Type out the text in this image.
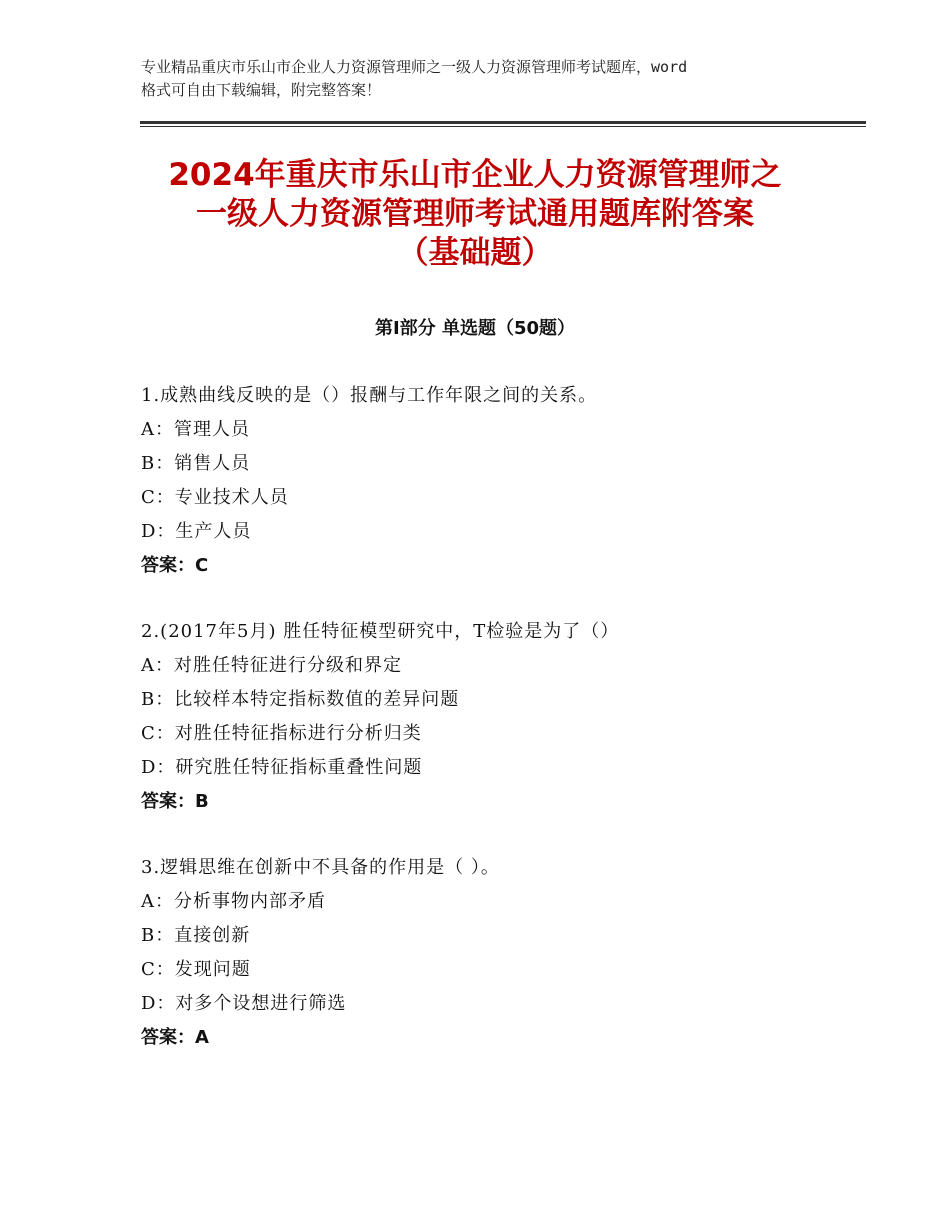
专业精品重庆市乐山市企业人力资源管理师之一级人力资源管理师考试题库，word
格式可自由下载编辑，附完整答案！
2024年重庆市乐山市企业人力资源管理师之
一级人力资源管理师考试通用题库附答案
（基础题）
第Ⅰ部分 单选题（50题）
1.成熟曲线反映的是（）报酬与工作年限之间的关系。
A：管理人员
B：销售人员
C：专业技术人员
D：生产人员
答案：C
2.(2017年5月) 胜任特征模型研究中，T检验是为了（）
A：对胜任特征进行分级和界定
B：比较样本特定指标数值的差异问题
C：对胜任特征指标进行分析归类
D：研究胜任特征指标重叠性问题
答案：B
3.逻辑思维在创新中不具备的作用是（ ）。
A：分析事物内部矛盾
B：直接创新
C：发现问题
D：对多个设想进行筛选
答案：A
